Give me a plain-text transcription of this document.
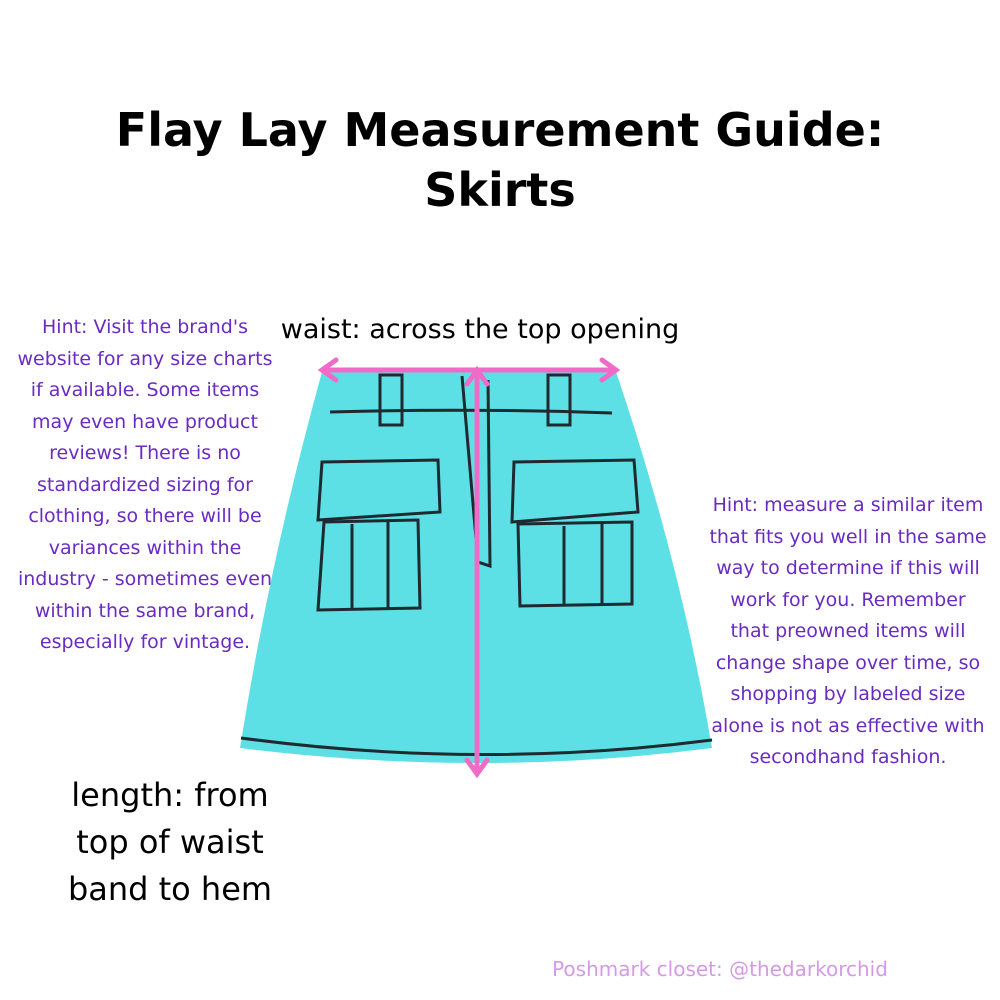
Flay Lay Measurement Guide:
Skirts
Hint: Visit the brand's website for any size charts if available. Some items may even have product reviews! There is no standardized sizing for clothing, so there will be variances within the industry - sometimes even within the same brand, especially for vintage.
waist: across the top opening
Hint: measure a similar item that fits you well in the same way to determine if this will work for you. Remember that preowned items will change shape over time, so shopping by labeled size alone is not as effective with secondhand fashion.
length: from top of waist band to hem
Poshmark closet: @thedarkorchid
